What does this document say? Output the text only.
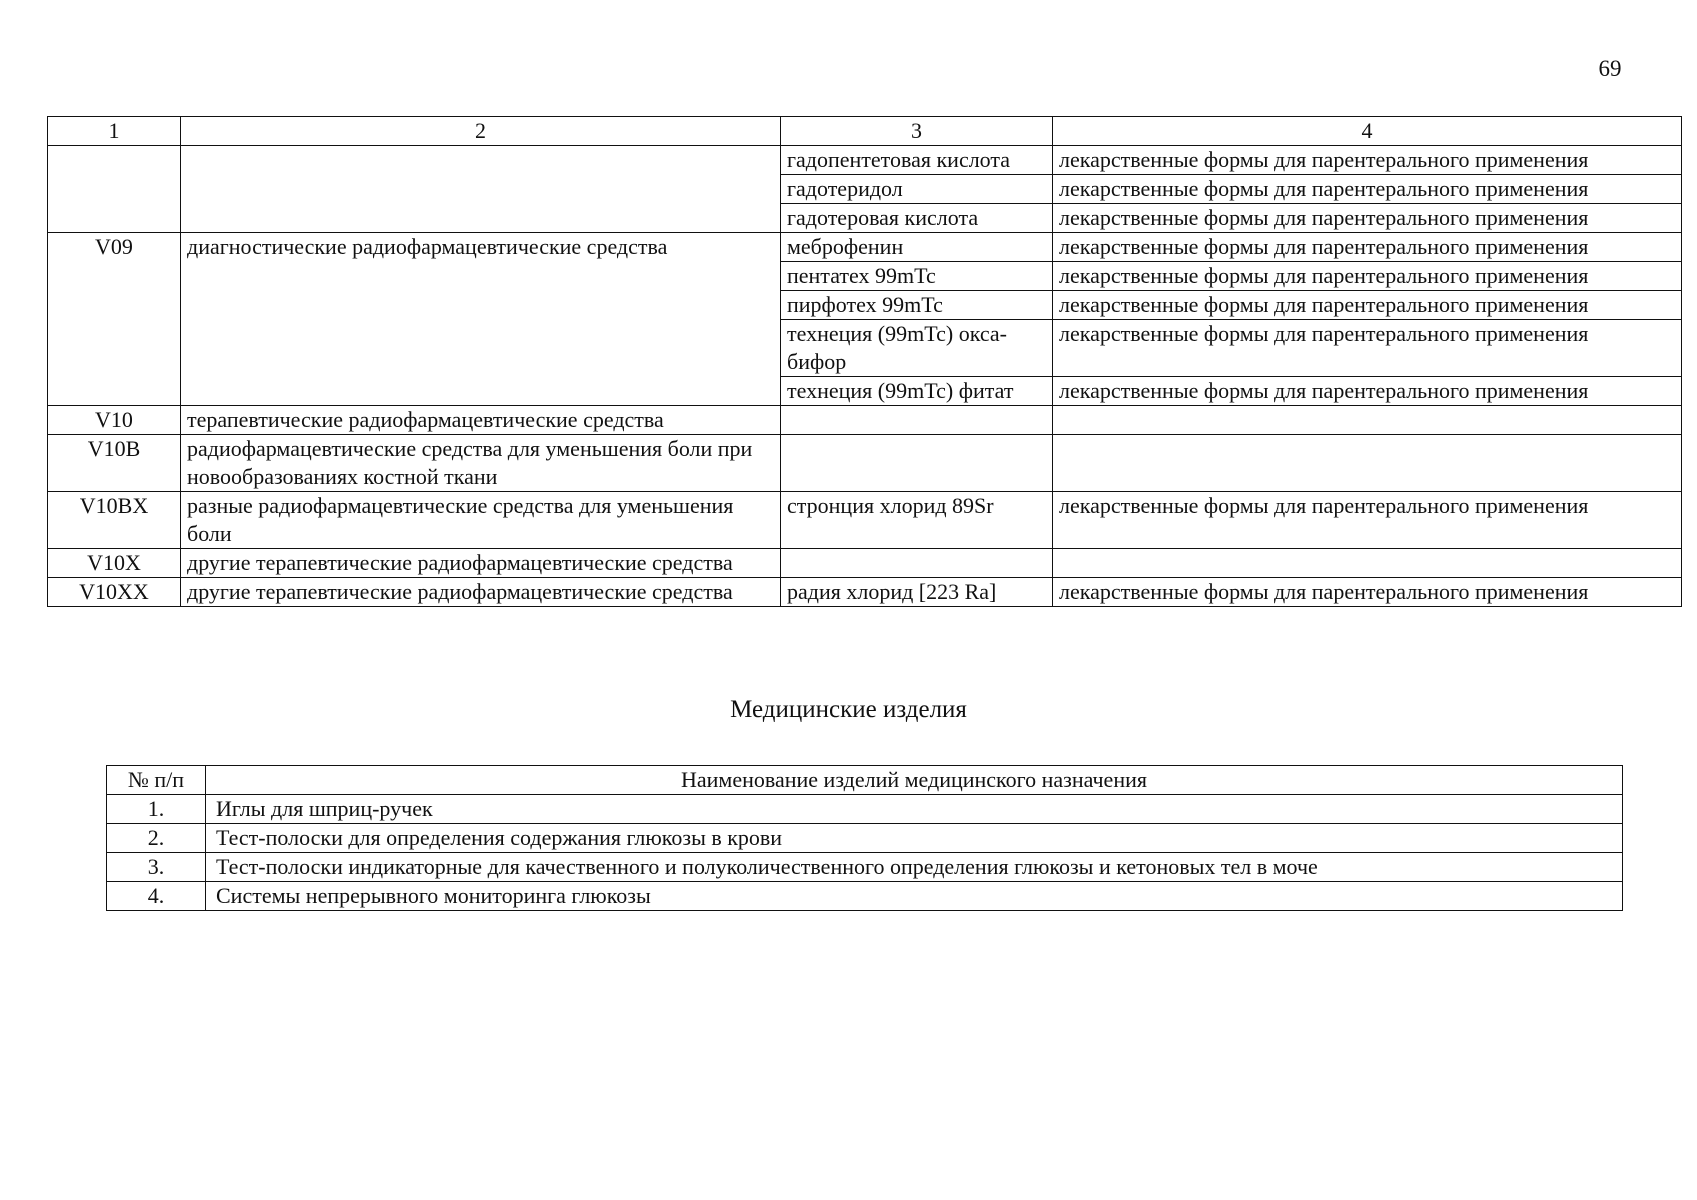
69
1	2	3	4
		гадопентетовая кислота	лекарственные формы для парентерального применения
		гадотеридол	лекарственные формы для парентерального применения
		гадотеровая кислота	лекарственные формы для парентерального применения
V09	диагностические радиофармацевтические средства	меброфенин	лекарственные формы для парентерального применения
		пентатех 99mTc	лекарственные формы для парентерального применения
		пирфотех 99mTc	лекарственные формы для парентерального применения
		технеция (99mTc) окса-бифор	лекарственные формы для парентерального применения
		технеция (99mTc) фитат	лекарственные формы для парентерального применения
V10	терапевтические радиофармацевтические средства		
V10B	радиофармацевтические средства для уменьшения боли при новообразованиях костной ткани		
V10BX	разные радиофармацевтические средства для уменьшения боли	стронция хлорид 89Sr	лекарственные формы для парентерального применения
V10X	другие терапевтические радиофармацевтические средства		
V10XX	другие терапевтические радиофармацевтические средства	радия хлорид [223 Ra]	лекарственные формы для парентерального применения
Медицинские изделия
№ п/п	Наименование изделий медицинского назначения
1.	Иглы для шприц-ручек
2.	Тест-полоски для определения содержания глюкозы в крови
3.	Тест-полоски индикаторные для качественного и полуколичественного определения глюкозы и кетоновых тел в моче
4.	Системы непрерывного мониторинга глюкозы
